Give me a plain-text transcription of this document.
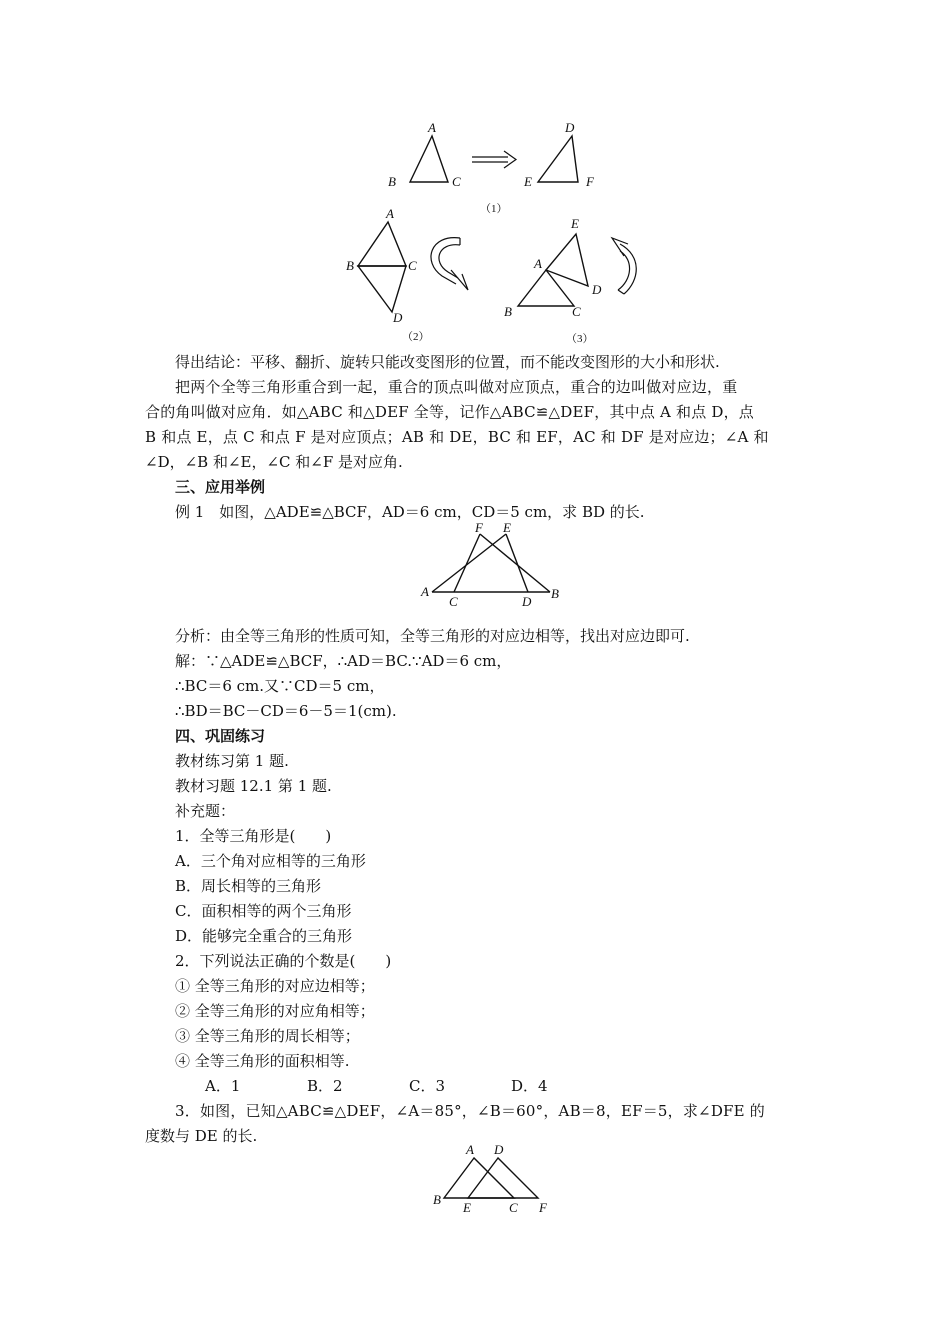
A
B	C
D
E	F
（1）
A
B	C
D
（2）
E
A
D
B	C
（3）
得出结论：平移、翻折、旋转只能改变图形的位置，而不能改变图形的大小和形状.
把两个全等三角形重合到一起，重合的顶点叫做对应顶点，重合的边叫做对应边，重
合的角叫做对应角．如△ABC 和△DEF 全等，记作△ABC≌△DEF，其中点 A 和点 D，点
B 和点 E，点 C 和点 F 是对应顶点；AB 和 DE，BC 和 EF，AC 和 DF 是对应边；∠A 和
∠D，∠B 和∠E，∠C 和∠F 是对应角.
三、应用举例
例 1　如图，△ADE≌△BCF，AD＝6 cm，CD＝5 cm，求 BD 的长.
F E
A
C	D
B
分析：由全等三角形的性质可知，全等三角形的对应边相等，找出对应边即可.
解：∵△ADE≌△BCF，∴AD＝BC.∵AD＝6 cm，
∴BC＝6 cm.又∵CD＝5 cm，
∴BD＝BC－CD＝6－5＝1(cm).
四、巩固练习
教材练习第 1 题.
教材习题 12.1 第 1 题.
补充题：
1．全等三角形是(　　)
A．三个角对应相等的三角形
B．周长相等的三角形
C．面积相等的两个三角形
D．能够完全重合的三角形
2．下列说法正确的个数是(　　)
① 全等三角形的对应边相等；
② 全等三角形的对应角相等；
③ 全等三角形的周长相等；
④ 全等三角形的面积相等.
A．1	B．2	C．3	D．4
3．如图，已知△ABC≌△DEF，∠A＝85°，∠B＝60°，AB＝8，EF＝5，求∠DFE 的
度数与 DE 的长.
A D
B
E	C F
